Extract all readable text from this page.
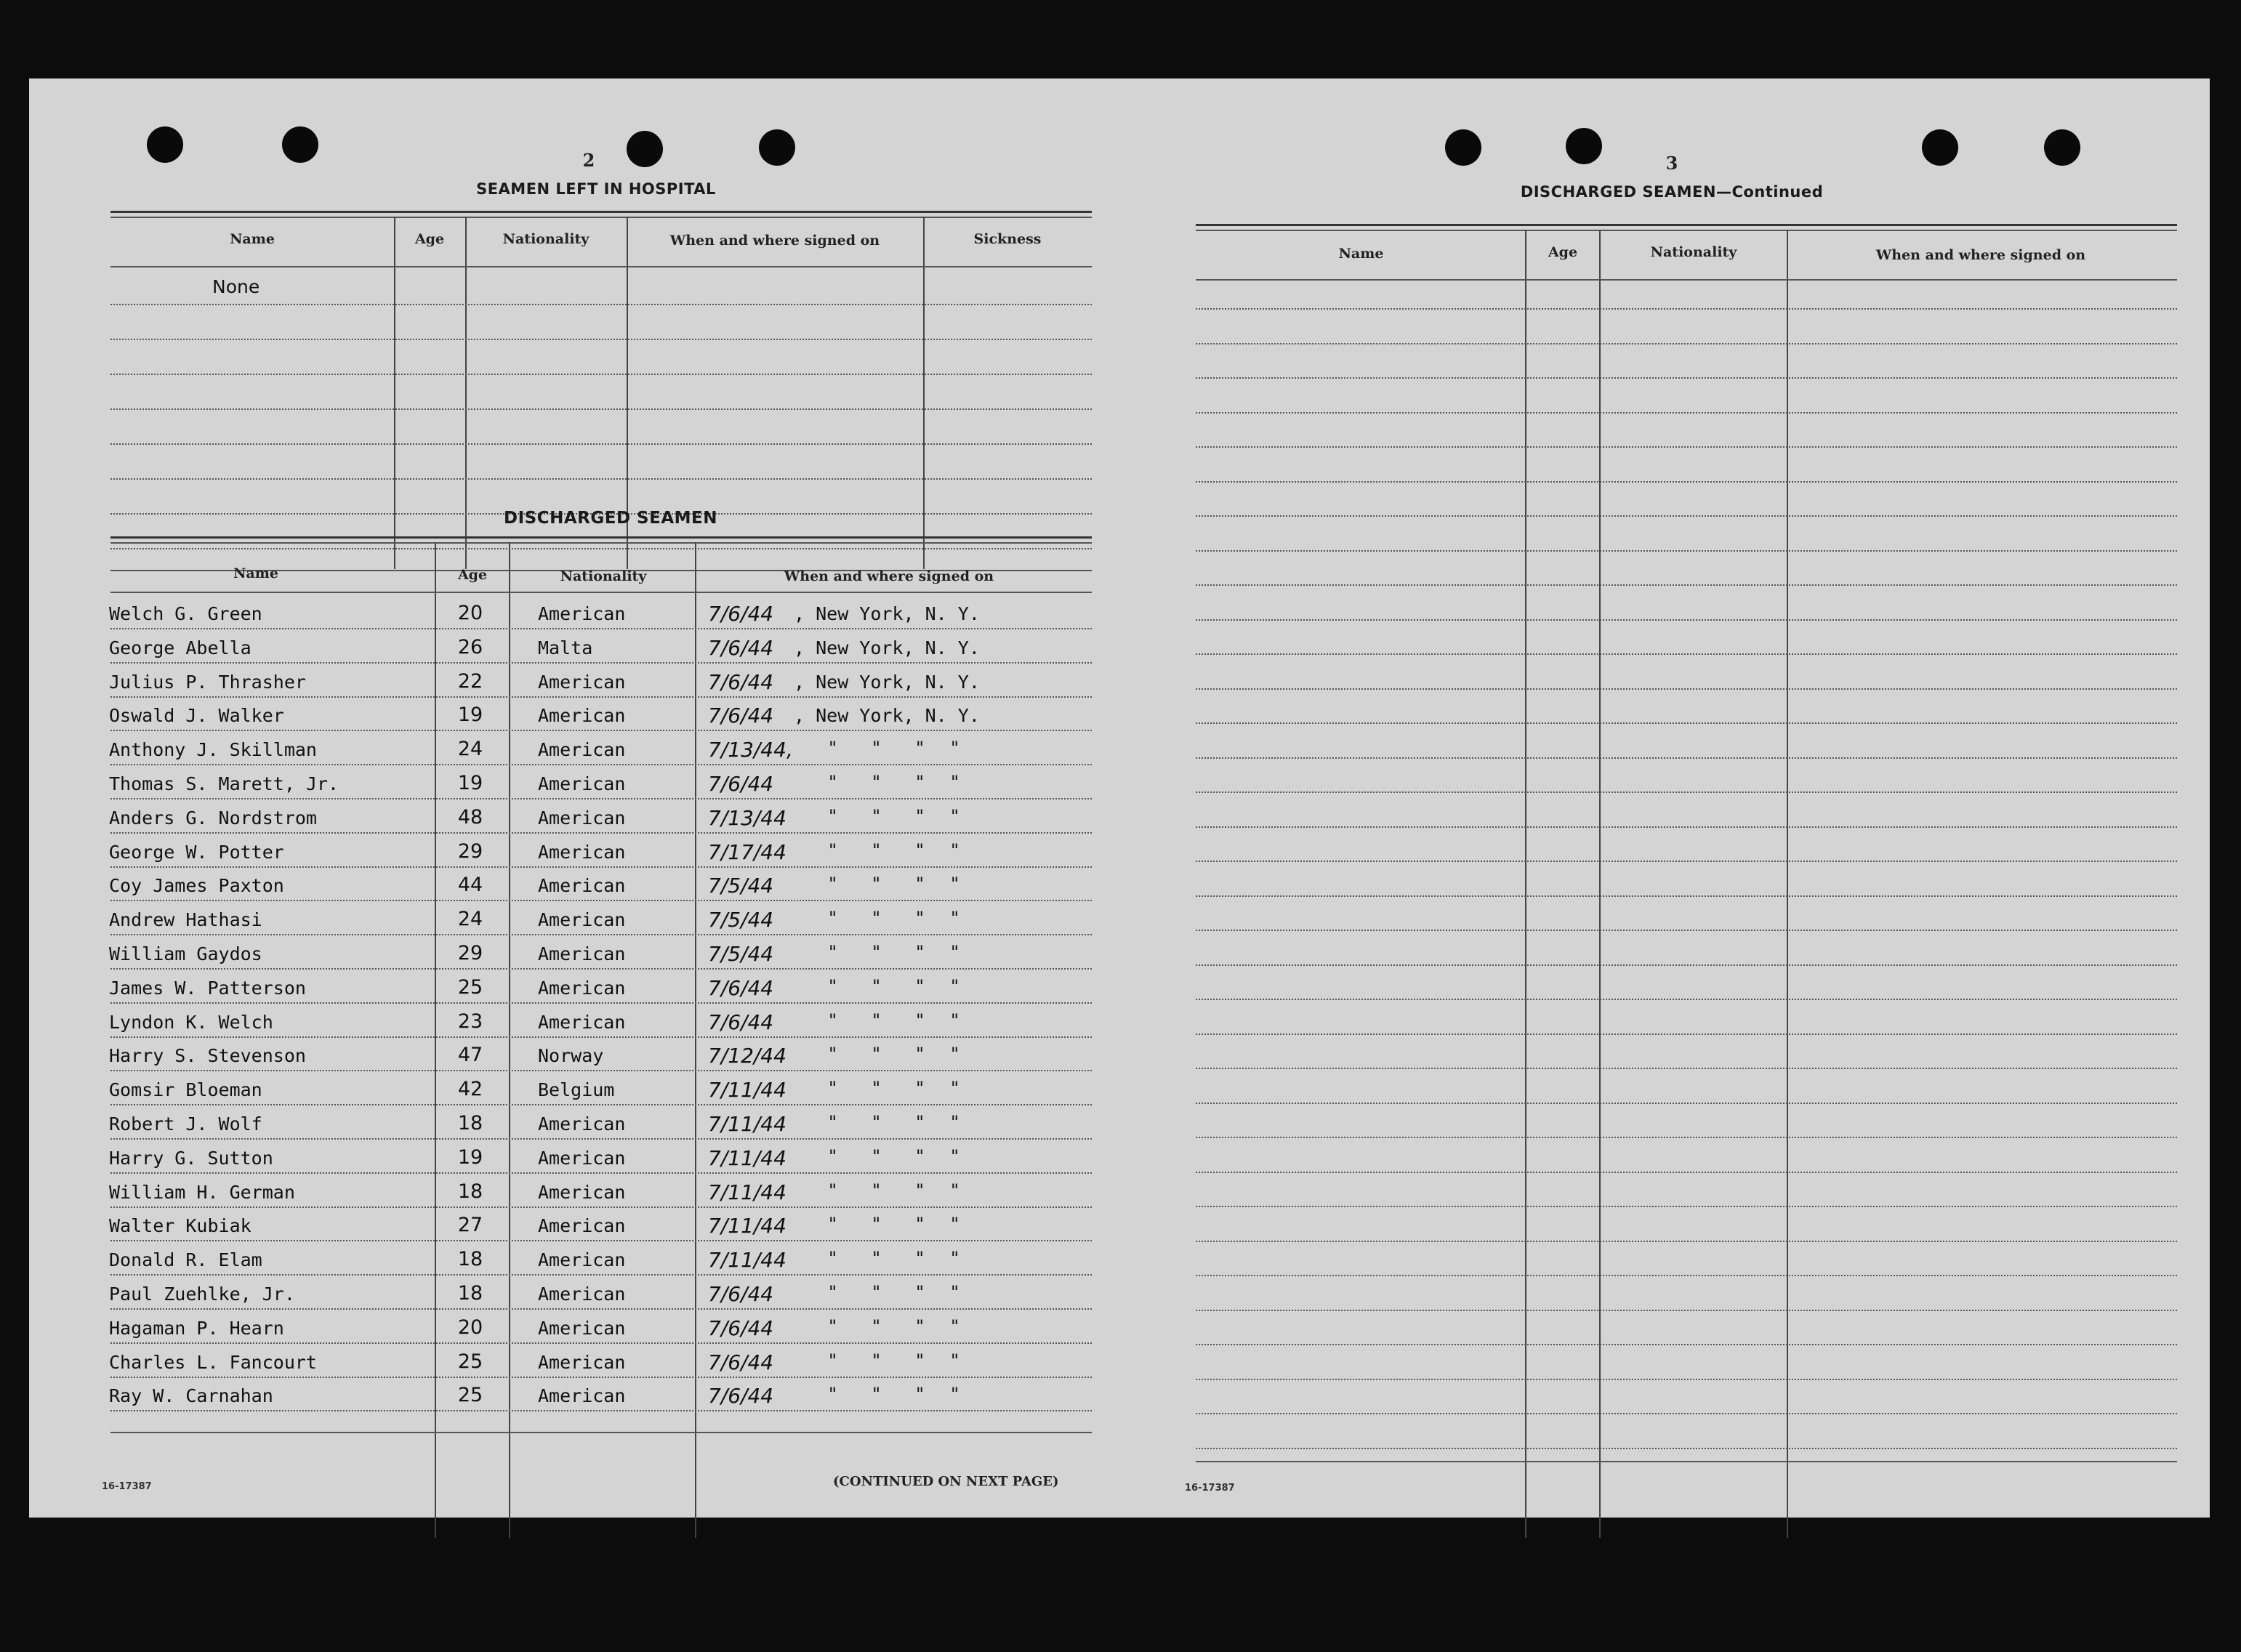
2
SEAMEN LEFT IN HOSPITAL
Name	Age	Nationality	When and where signed on	Sickness
None
DISCHARGED SEAMEN
Name	Age	Nationality	When and where signed on
Welch G. Green	20	American	7/6/44 , New York, N. Y.
George Abella	26	Malta	7/6/44 , New York, N. Y.
Julius P. Thrasher	22	American	7/6/44 , New York, N. Y.
Oswald J. Walker	19	American	7/6/44 , New York, N. Y.
Anthony J. Skillman	24	American	7/13/44, " " " "
Thomas S. Marett, Jr.	19	American	7/6/44	" " " "
Anders G. Nordstrom	48	American	7/13/44 " " " "
George W. Potter	29	American	7/17/44 " " " "
Coy James Paxton	44	American	7/5/44	" " " "
Andrew Hathasi	24	American	7/5/44	" " " "
William Gaydos	29	American	7/5/44	" " " "
James W. Patterson	25	American	7/6/44	" " " "
Lyndon K. Welch	23	American	7/6/44	" " " "
Harry S. Stevenson	47	Norway	7/12/44 " " " "
Gomsir Bloeman	42	Belgium	7/11/44 " " " "
Robert J. Wolf	18	American	7/11/44 " " " "
Harry G. Sutton	19	American	7/11/44 " " " "
William H. German	18	American	7/11/44 " " " "
Walter Kubiak	27	American	7/11/44 " " " "
Donald R. Elam	18	American	7/11/44 " " " "
Paul Zuehlke, Jr.	18	American	7/6/44	" " " "
Hagaman P. Hearn	20	American	7/6/44	" " " "
Charles L. Fancourt	25	American	7/6/44	" " " "
Ray W. Carnahan	25	American	7/6/44	" " " "
16-17387	(CONTINUED ON NEXT PAGE)
3
DISCHARGED SEAMEN—Continued
Name	Age	Nationality	When and where signed on
16-17387
